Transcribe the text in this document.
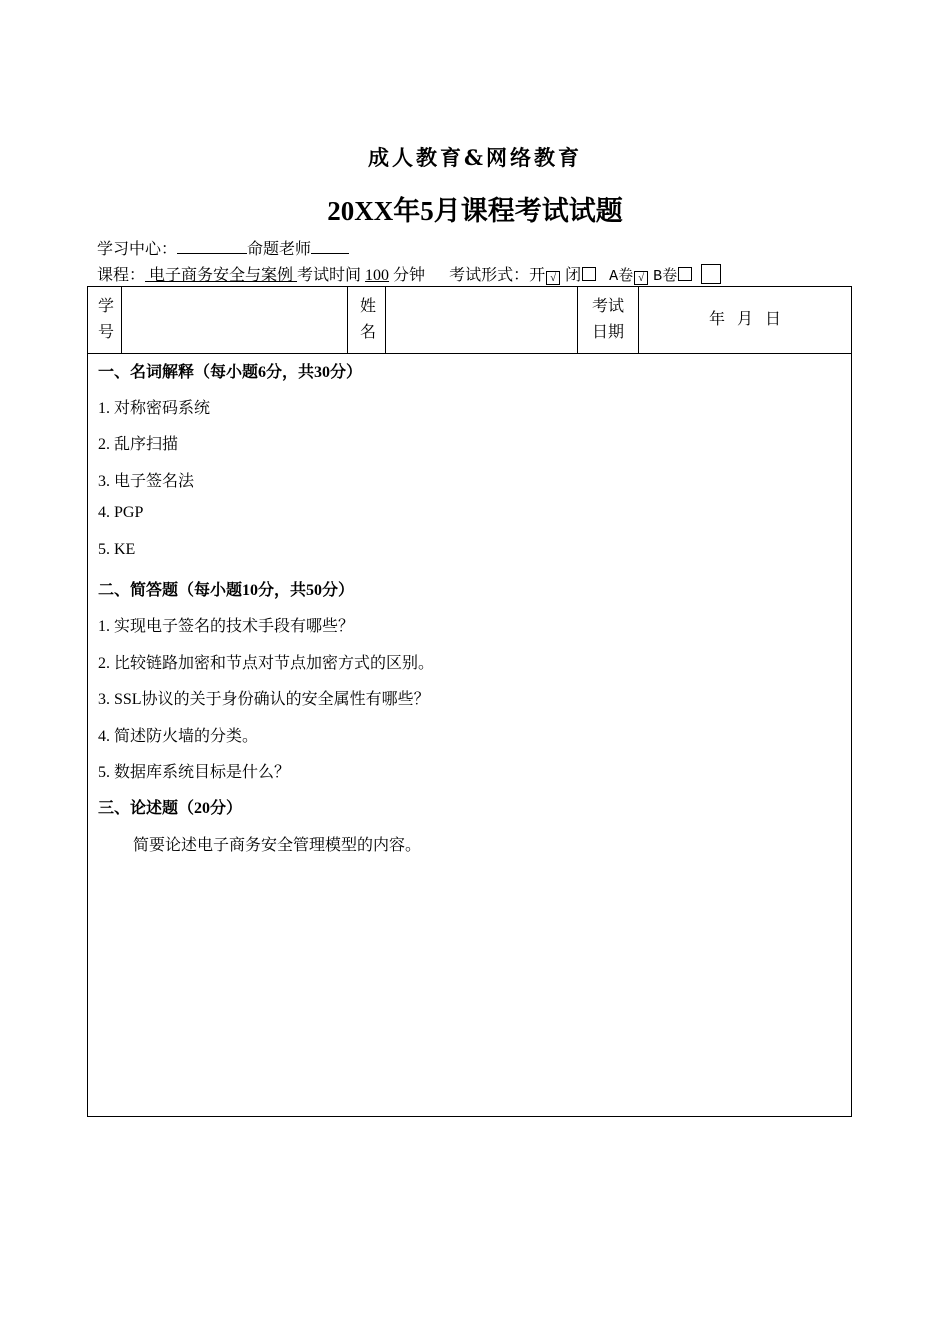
成人教育&网络教育
20XX年5月课程考试试题
学习中心：	命题老师
课程： 电子商务安全与案例 考试时间 100 分钟 考试形式：开 √ 闭 A卷 √ B卷
学
号
姓
名
考试
日期
年 月 日
一、名词解释（每小题6分，共30分）
1. 对称密码系统
2. 乱序扫描
3. 电子签名法
4. PGP
5. KE
二、简答题（每小题10分，共50分）
1. 实现电子签名的技术手段有哪些？
2. 比较链路加密和节点对节点加密方式的区别。
3. SSL协议的关于身份确认的安全属性有哪些？
4. 简述防火墙的分类。
5. 数据库系统目标是什么？
三、论述题（20分）
简要论述电子商务安全管理模型的内容。
